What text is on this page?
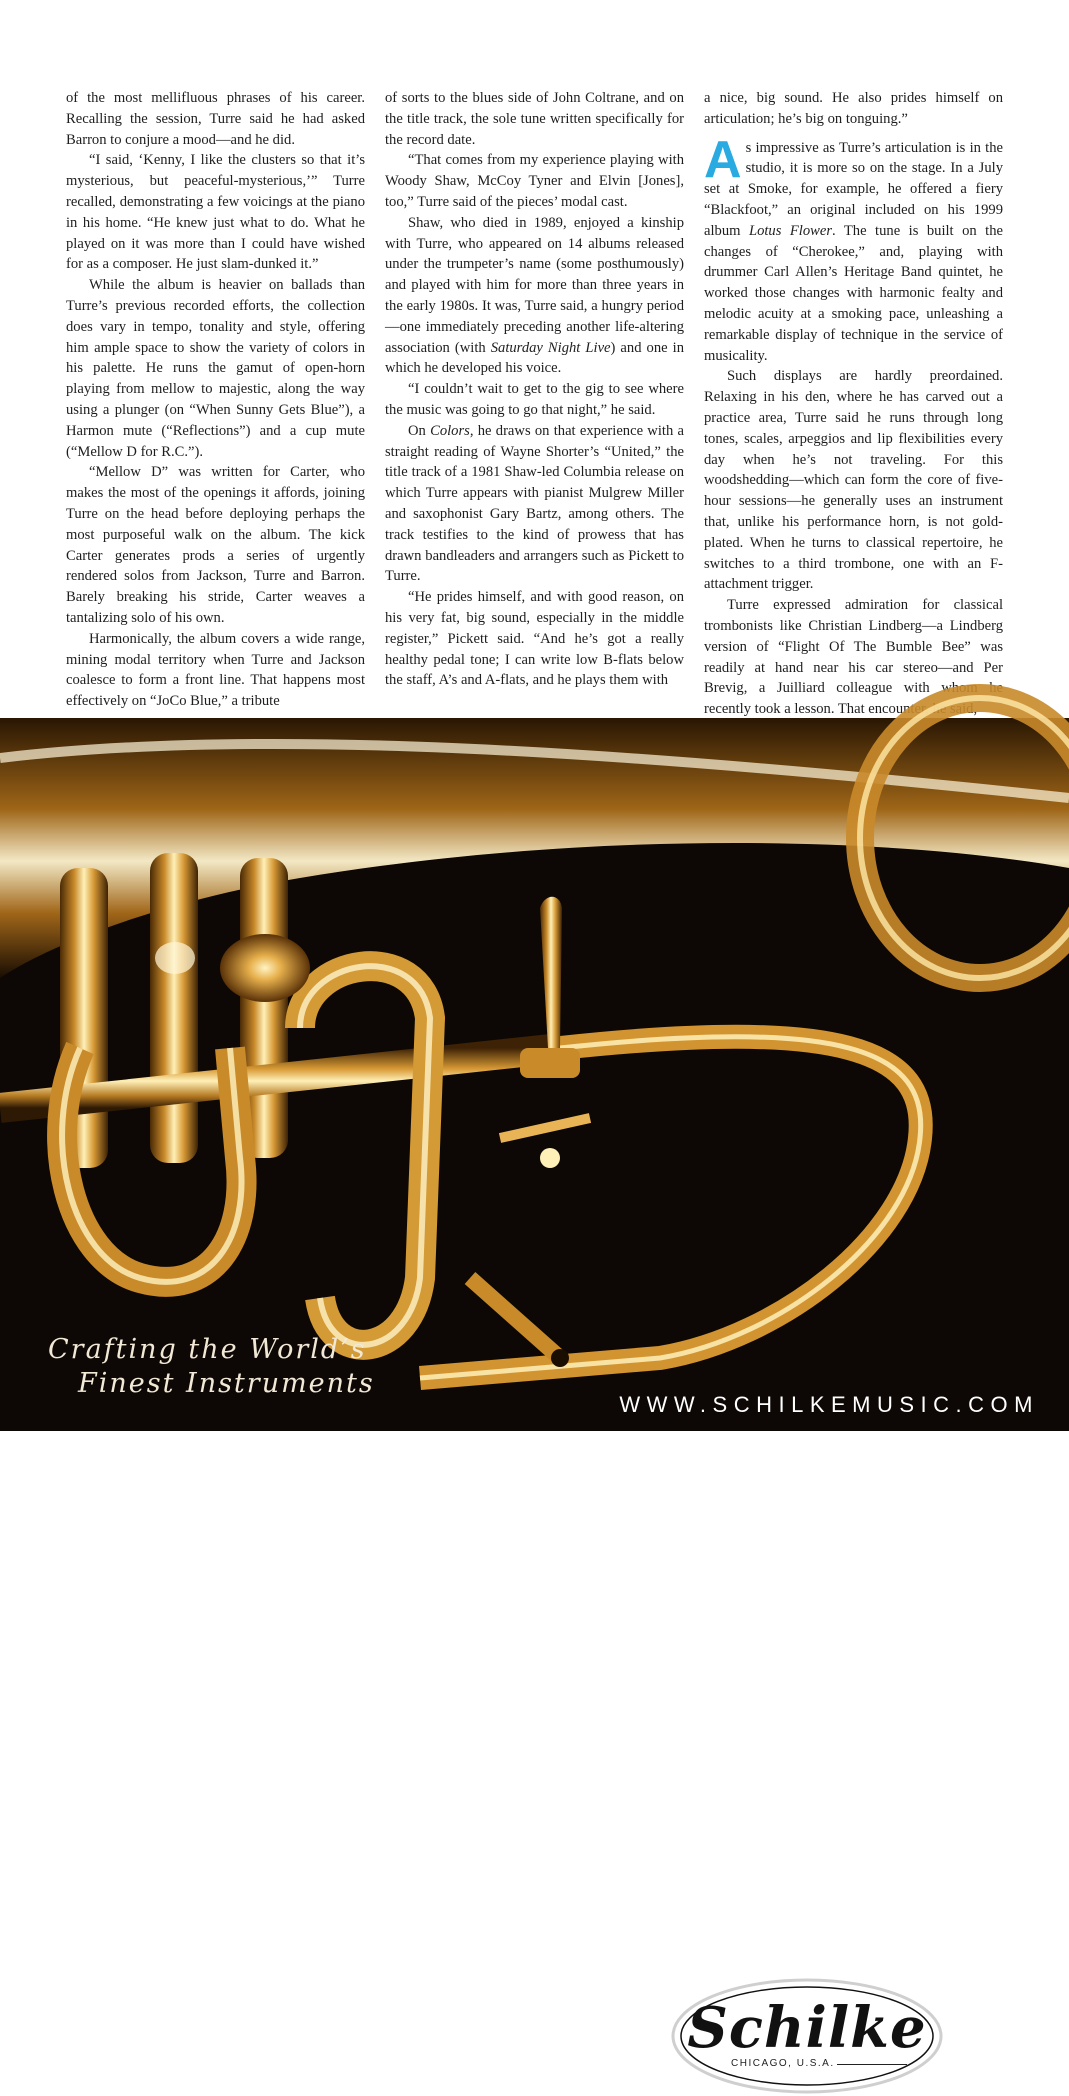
of the most mellifluous phrases of his career. Recalling the session, Turre said he had asked Barron to conjure a mood—and he did.

“I said, ‘Kenny, I like the clusters so that it’s mysterious, but peaceful-mysterious,’” Turre recalled, demonstrating a few voicings at the piano in his home. “He knew just what to do. What he played on it was more than I could have wished for as a composer. He just slam-dunked it.”

While the album is heavier on ballads than Turre’s previous recorded efforts, the collection does vary in tempo, tonality and style, offering him ample space to show the variety of colors in his palette. He runs the gamut of open-horn playing from mellow to majestic, along the way using a plunger (on “When Sunny Gets Blue”), a Harmon mute (“Reflections”) and a cup mute (“Mellow D for R.C.”).

“Mellow D” was written for Carter, who makes the most of the openings it affords, joining Turre on the head before deploying perhaps the most purposeful walk on the album. The kick Carter generates prods a series of urgently rendered solos from Jackson, Turre and Barron. Barely breaking his stride, Carter weaves a tantalizing solo of his own.

Harmonically, the album covers a wide range, mining modal territory when Turre and Jackson coalesce to form a front line. That happens most effectively on “JoCo Blue,” a tribute

of sorts to the blues side of John Coltrane, and on the title track, the sole tune written specifically for the record date.

“That comes from my experience playing with Woody Shaw, McCoy Tyner and Elvin [Jones], too,” Turre said of the pieces’ modal cast.

Shaw, who died in 1989, enjoyed a kinship with Turre, who appeared on 14 albums released under the trumpeter’s name (some posthumously) and played with him for more than three years in the early 1980s. It was, Turre said, a hungry period—one immediately preceding another life-altering association (with Saturday Night Live) and one in which he developed his voice.

“I couldn’t wait to get to the gig to see where the music was going to go that night,” he said.

On Colors, he draws on that experience with a straight reading of Wayne Shorter’s “United,” the title track of a 1981 Shaw-led Columbia release on which Turre appears with pianist Mulgrew Miller and saxophonist Gary Bartz, among others. The track testifies to the kind of prowess that has drawn bandleaders and arrangers such as Pickett to Turre.

“He prides himself, and with good reason, on his very fat, big sound, especially in the middle register,” Pickett said. “And he’s got a really healthy pedal tone; I can write low B-flats below the staff, A’s and A-flats, and he plays them with

a nice, big sound. He also prides himself on articulation; he’s big on tonguing.”

As impressive as Turre’s articulation is in the studio, it is more so on the stage. In a July set at Smoke, for example, he offered a fiery “Blackfoot,” an original included on his 1999 album Lotus Flower. The tune is built on the changes of “Cherokee,” and, playing with drummer Carl Allen’s Heritage Band quintet, he worked those changes with harmonic fealty and melodic acuity at a smoking pace, unleashing a remarkable display of technique in the service of musicality.

Such displays are hardly preordained. Relaxing in his den, where he has carved out a practice area, Turre said he runs through long tones, scales, arpeggios and lip flexibilities every day when he’s not traveling. For this woodshedding—which can form the core of five-hour sessions—he generally uses an instrument that, unlike his performance horn, is not gold-plated. When he turns to classical repertoire, he switches to a third trombone, one with an F-attachment trigger.

Turre expressed admiration for classical trombonists like Christian Lindberg—a Lindberg version of “Flight Of The Bumble Bee” was readily at hand near his car stereo—and Per Brevig, a Juilliard colleague with whom he recently took a lesson. That encounter, he said,

Schilke
CHICAGO, U.S.A.
Crafting the World’s
Finest Instruments
WWW.SCHILKEMUSIC.COM
